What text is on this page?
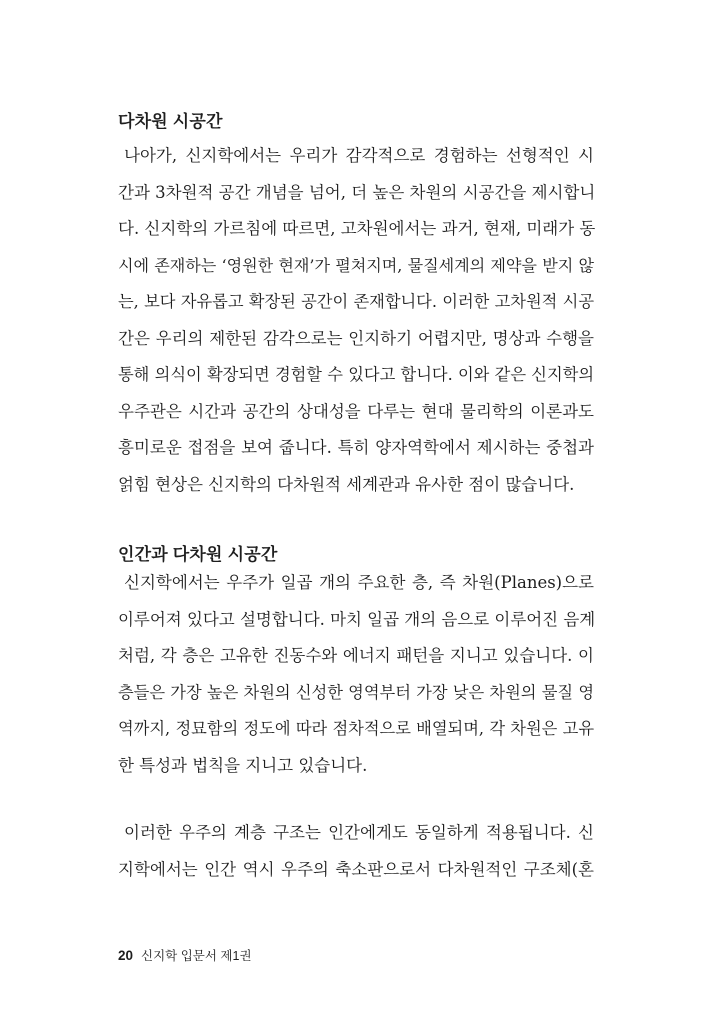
다차원 시공간
나아가, 신지학에서는 우리가 감각적으로 경험하는 선형적인 시
간과 3차원적 공간 개념을 넘어, 더 높은 차원의 시공간을 제시합니
다. 신지학의 가르침에 따르면, 고차원에서는 과거, 현재, 미래가 동
시에 존재하는 ‘영원한 현재’가 펼쳐지며, 물질세계의 제약을 받지 않
는, 보다 자유롭고 확장된 공간이 존재합니다. 이러한 고차원적 시공
간은 우리의 제한된 감각으로는 인지하기 어렵지만, 명상과 수행을
통해 의식이 확장되면 경험할 수 있다고 합니다. 이와 같은 신지학의
우주관은 시간과 공간의 상대성을 다루는 현대 물리학의 이론과도
흥미로운 접점을 보여 줍니다. 특히 양자역학에서 제시하는 중첩과
얽힘 현상은 신지학의 다차원적 세계관과 유사한 점이 많습니다.
인간과 다차원 시공간
신지학에서는 우주가 일곱 개의 주요한 층, 즉 차원(Planes)으로
이루어져 있다고 설명합니다. 마치 일곱 개의 음으로 이루어진 음계
처럼, 각 층은 고유한 진동수와 에너지 패턴을 지니고 있습니다. 이
층들은 가장 높은 차원의 신성한 영역부터 가장 낮은 차원의 물질 영
역까지, 정묘함의 정도에 따라 점차적으로 배열되며, 각 차원은 고유
한 특성과 법칙을 지니고 있습니다.
이러한 우주의 계층 구조는 인간에게도 동일하게 적용됩니다. 신
지학에서는 인간 역시 우주의 축소판으로서 다차원적인 구조체(혼
20 신지학 입문서 제1권
